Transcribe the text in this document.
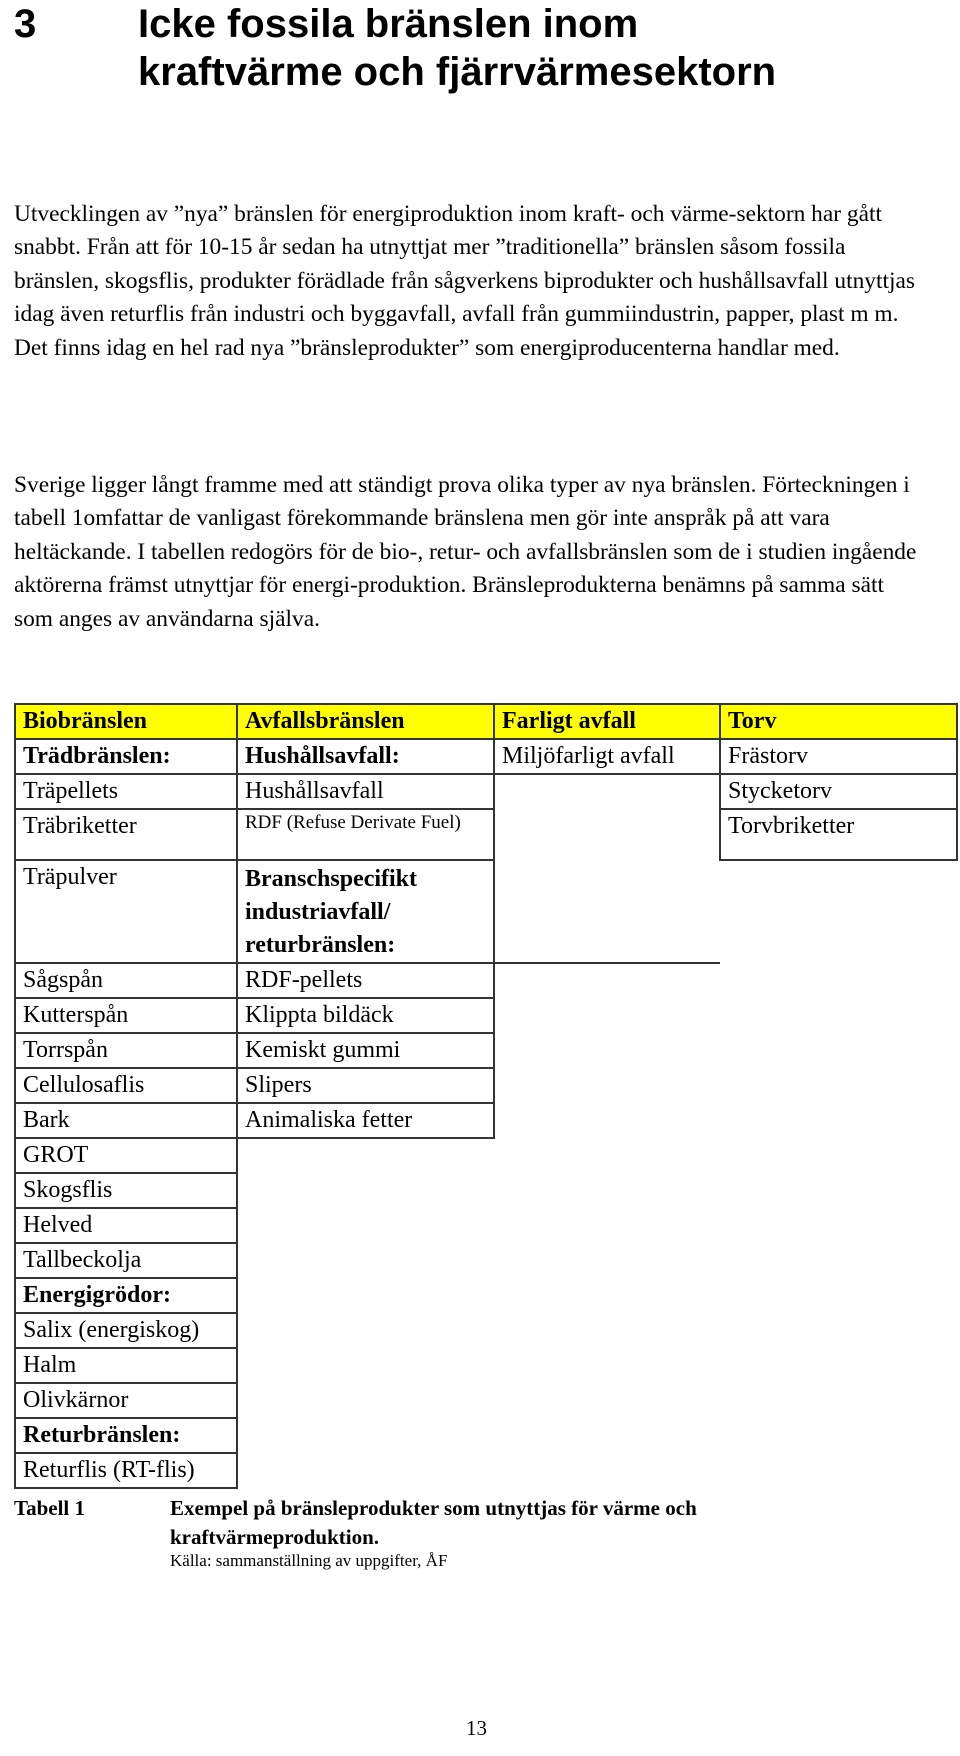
3	Icke fossila bränslen inom
kraftvärme och fjärrvärmesektorn

Utvecklingen av ”nya” bränslen för energiproduktion inom kraft- och värme-sektorn har gått snabbt. Från att för 10-15 år sedan ha utnyttjat mer ”traditionella” bränslen såsom fossila bränslen, skogsflis, produkter förädlade från sågverkens biprodukter och hushållsavfall utnyttjas idag även returflis från industri och byggavfall, avfall från gummiindustrin, papper, plast m m. Det finns idag en hel rad nya ”bränsleprodukter” som energiproducenterna handlar med.

Sverige ligger långt framme med att ständigt prova olika typer av nya bränslen. Förteckningen i tabell 1omfattar de vanligast förekommande bränslena men gör inte anspråk på att vara heltäckande. I tabellen redogörs för de bio-, retur- och avfallsbränslen som de i studien ingående aktörerna främst utnyttjar för energi-produktion. Bränsleprodukterna benämns på samma sätt som anges av användarna själva.

Biobränslen	Avfallsbränslen	Farligt avfall	Torv
Trädbränslen:	Hushållsavfall:	Miljöfarligt avfall	Frästorv
Träpellets	Hushållsavfall		Stycketorv
Träbriketter	RDF (Refuse Derivate Fuel)		Torvbriketter
Träpulver	Branschspecifikt industriavfall/ returbränslen:		
Sågspån	RDF-pellets		
Kutterspån	Klippta bildäck		
Torrspån	Kemiskt gummi		
Cellulosaflis	Slipers		
Bark	Animaliska fetter		
GROT			
Skogsflis			
Helved			
Tallbeckolja			
Energigrödor:			
Salix (energiskog)			
Halm			
Olivkärnor			
Returbränslen:			
Returflis (RT-flis)			
Tabell 1	Exempel på bränsleprodukter som utnyttjas för värme och kraftvärmeproduktion.
Källa: sammanställning av uppgifter, ÅF
13
